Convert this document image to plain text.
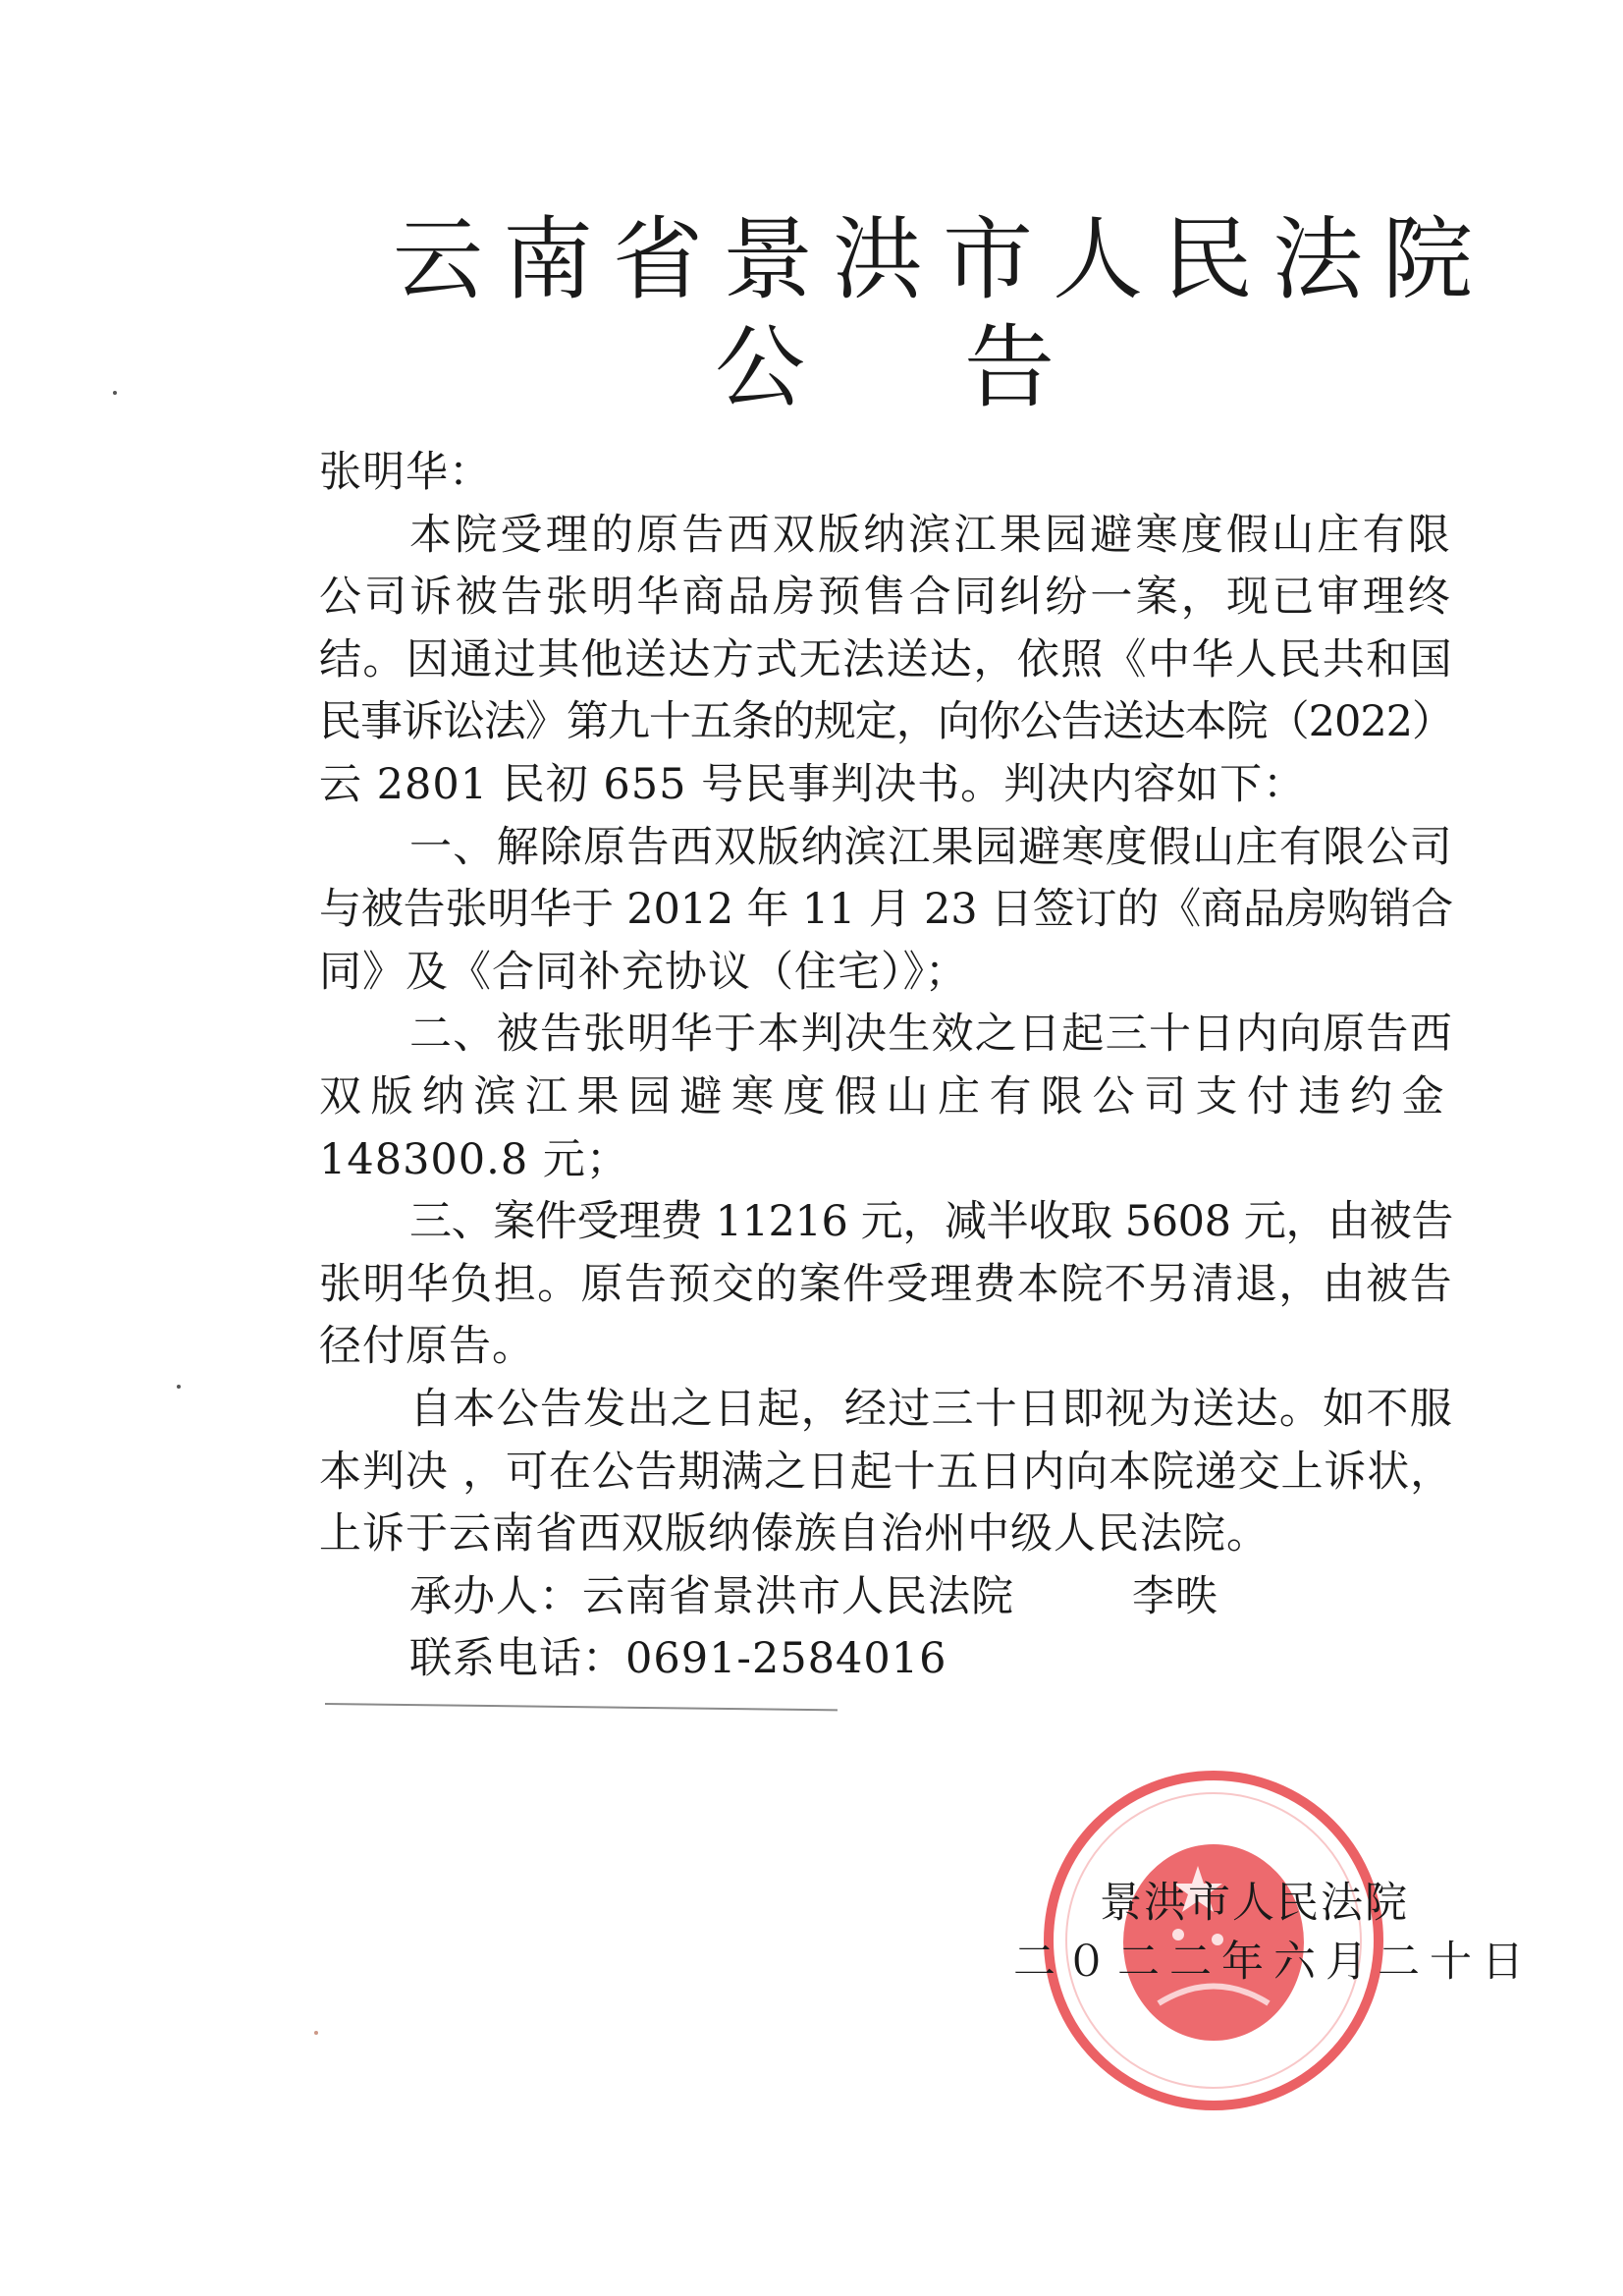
云南省景洪市人民法院
公 告
张明华：
本院受理的原告西双版纳滨江果园避寒度假山庄有限
公司诉被告张明华商品房预售合同纠纷一案，现已审理终
结。因通过其他送达方式无法送达，依照《中华人民共和国
民事诉讼法》第九十五条的规定，向你公告送达本院（2022）
云 2801 民初 655 号民事判决书。判决内容如下：
一、解除原告西双版纳滨江果园避寒度假山庄有限公司
与被告张明华于 2012 年 11 月 23 日签订的《商品房购销合
同》及《合同补充协议（住宅）》；
二、被告张明华于本判决生效之日起三十日内向原告西
双版纳滨江果园避寒度假山庄有限公司支付违约金
148300.8 元；
三、案件受理费 11216 元，减半收取 5608 元，由被告
张明华负担。原告预交的案件受理费本院不另清退，由被告
径付原告。
自本公告发出之日起，经过三十日即视为送达。如不服
本判决 ，可在公告期满之日起十五日内向本院递交上诉状，
上诉于云南省西双版纳傣族自治州中级人民法院。
承办人：云南省景洪市人民法院	李昳
联系电话：0691-2584016
景洪市人民法院
二０二二年六月二十日
